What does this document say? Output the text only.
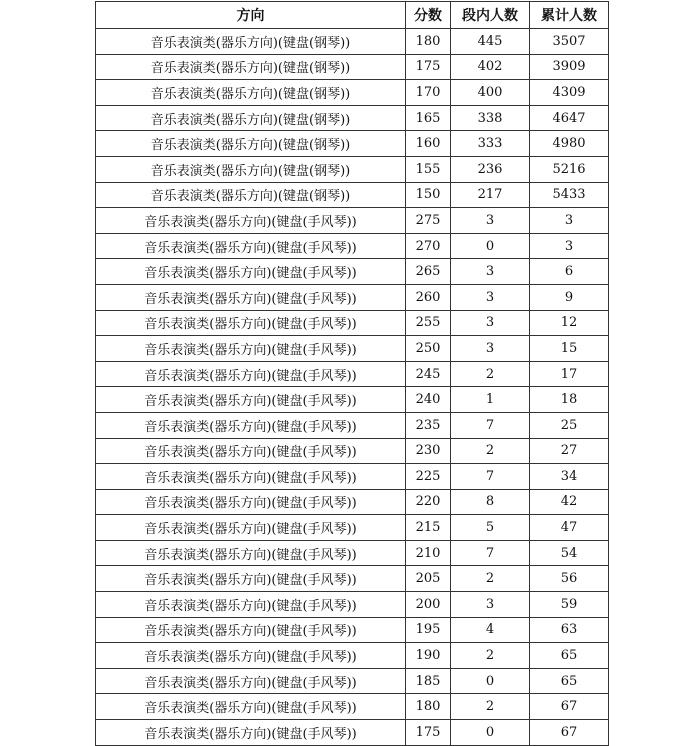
方向	分数	段内人数	累计人数
音乐表演类(器乐方向)(键盘(钢琴))	180	445	3507
音乐表演类(器乐方向)(键盘(钢琴))	175	402	3909
音乐表演类(器乐方向)(键盘(钢琴))	170	400	4309
音乐表演类(器乐方向)(键盘(钢琴))	165	338	4647
音乐表演类(器乐方向)(键盘(钢琴))	160	333	4980
音乐表演类(器乐方向)(键盘(钢琴))	155	236	5216
音乐表演类(器乐方向)(键盘(钢琴))	150	217	5433
音乐表演类(器乐方向)(键盘(手风琴))	275	3	3
音乐表演类(器乐方向)(键盘(手风琴))	270	0	3
音乐表演类(器乐方向)(键盘(手风琴))	265	3	6
音乐表演类(器乐方向)(键盘(手风琴))	260	3	9
音乐表演类(器乐方向)(键盘(手风琴))	255	3	12
音乐表演类(器乐方向)(键盘(手风琴))	250	3	15
音乐表演类(器乐方向)(键盘(手风琴))	245	2	17
音乐表演类(器乐方向)(键盘(手风琴))	240	1	18
音乐表演类(器乐方向)(键盘(手风琴))	235	7	25
音乐表演类(器乐方向)(键盘(手风琴))	230	2	27
音乐表演类(器乐方向)(键盘(手风琴))	225	7	34
音乐表演类(器乐方向)(键盘(手风琴))	220	8	42
音乐表演类(器乐方向)(键盘(手风琴))	215	5	47
音乐表演类(器乐方向)(键盘(手风琴))	210	7	54
音乐表演类(器乐方向)(键盘(手风琴))	205	2	56
音乐表演类(器乐方向)(键盘(手风琴))	200	3	59
音乐表演类(器乐方向)(键盘(手风琴))	195	4	63
音乐表演类(器乐方向)(键盘(手风琴))	190	2	65
音乐表演类(器乐方向)(键盘(手风琴))	185	0	65
音乐表演类(器乐方向)(键盘(手风琴))	180	2	67
音乐表演类(器乐方向)(键盘(手风琴))	175	0	67
